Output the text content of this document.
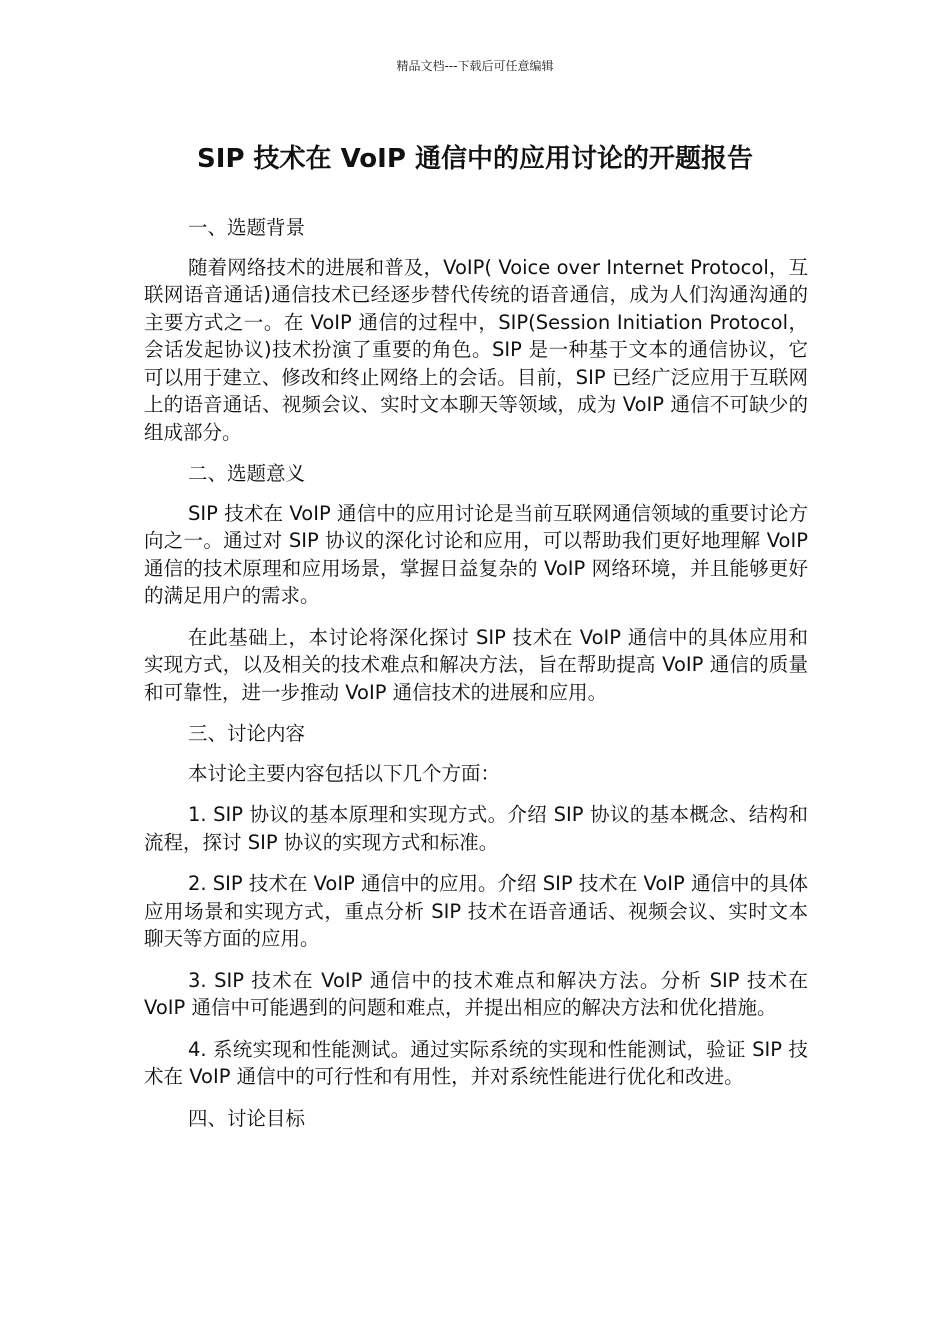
精品文档---下载后可任意编辑
SIP 技术在 VoIP 通信中的应用讨论的开题报告

一、选题背景

随着网络技术的进展和普及，VoIP( Voice over Internet Protocol，互联网语音通话)通信技术已经逐步替代传统的语音通信，成为人们沟通沟通的主要方式之一。在 VoIP 通信的过程中，SIP(Session Initiation Protocol，会话发起协议)技术扮演了重要的角色。SIP 是一种基于文本的通信协议，它可以用于建立、修改和终止网络上的会话。目前，SIP 已经广泛应用于互联网上的语音通话、视频会议、实时文本聊天等领域，成为 VoIP 通信不可缺少的组成部分。

二、选题意义

SIP 技术在 VoIP 通信中的应用讨论是当前互联网通信领域的重要讨论方向之一。通过对 SIP 协议的深化讨论和应用，可以帮助我们更好地理解 VoIP 通信的技术原理和应用场景，掌握日益复杂的 VoIP 网络环境，并且能够更好的满足用户的需求。

在此基础上，本讨论将深化探讨 SIP 技术在 VoIP 通信中的具体应用和实现方式，以及相关的技术难点和解决方法，旨在帮助提高 VoIP 通信的质量和可靠性，进一步推动 VoIP 通信技术的进展和应用。

三、讨论内容

本讨论主要内容包括以下几个方面：

1. SIP 协议的基本原理和实现方式。介绍 SIP 协议的基本概念、结构和流程，探讨 SIP 协议的实现方式和标准。

2. SIP 技术在 VoIP 通信中的应用。介绍 SIP 技术在 VoIP 通信中的具体应用场景和实现方式，重点分析 SIP 技术在语音通话、视频会议、实时文本聊天等方面的应用。

3. SIP 技术在 VoIP 通信中的技术难点和解决方法。分析 SIP 技术在 VoIP 通信中可能遇到的问题和难点，并提出相应的解决方法和优化措施。

4. 系统实现和性能测试。通过实际系统的实现和性能测试，验证 SIP 技术在 VoIP 通信中的可行性和有用性，并对系统性能进行优化和改进。

四、讨论目标
